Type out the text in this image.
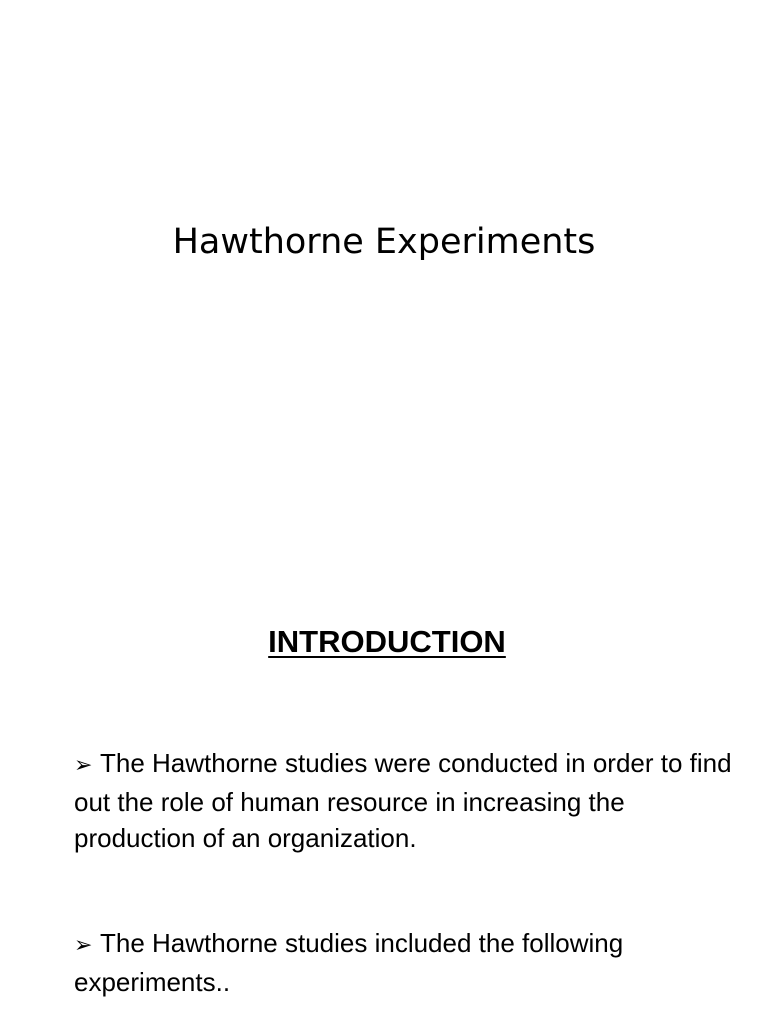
Hawthorne Experiments
INTRODUCTION

➢ The Hawthorne studies were conducted in order to find out the role of human resource in increasing the production of an organization.

➢ The Hawthorne studies included the following experiments..
